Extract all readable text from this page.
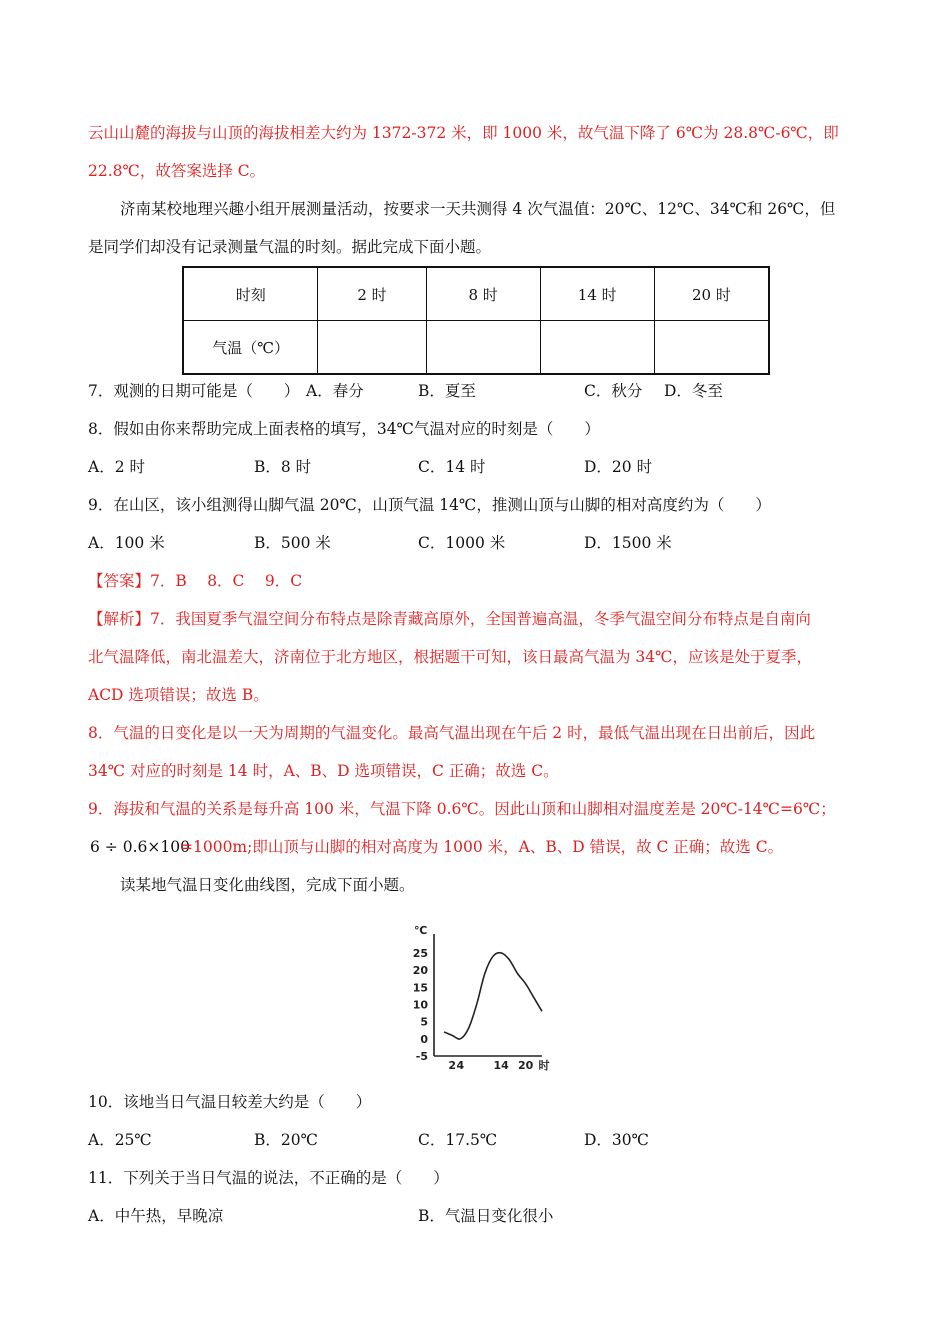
云山山麓的海拔与山顶的海拔相差大约为 1372-372 米，即 1000 米，故气温下降了 6℃为 28.8℃-6℃，即
22.8℃，故答案选择 C。
济南某校地理兴趣小组开展测量活动，按要求一天共测得 4 次气温值：20℃、12℃、34℃和 26℃，但
是同学们却没有记录测量气温的时刻。据此完成下面小题。
时刻	2 时	8 时	14 时	20 时
气温（℃）				
7．观测的日期可能是（　　） A．春分	B．夏至	C．秋分 D．冬至
8．假如由你来帮助完成上面表格的填写，34℃气温对应的时刻是（　　）
A．2 时	B．8 时	C．14 时	D．20 时
9．在山区，该小组测得山脚气温 20℃，山顶气温 14℃，推测山顶与山脚的相对高度约为（　　）
A．100 米	B．500 米	C．1000 米	D．1500 米
【答案】7．B　 8．C　 9．C
【解析】7．我国夏季气温空间分布特点是除青藏高原外，全国普遍高温，冬季气温空间分布特点是自南向
北气温降低，南北温差大，济南位于北方地区，根据题干可知，该日最高气温为 34℃，应该是处于夏季，
ACD 选项错误；故选 B。
8．气温的日变化是以一天为周期的气温变化。最高气温出现在午后 2 时，最低气温出现在日出前后，因此
34℃ 对应的时刻是 14 时，A、B、D 选项错误，C 正确；故选 C。
9．海拔和气温的关系是每升高 100 米，气温下降 0.6℃。因此山顶和山脚相对温度差是 20℃-14℃=6℃；
6 ÷ 0.6×100
=1000m;即山顶与山脚的相对高度为 1000 米，A、B、D 错误，故 C 正确；故选 C。
读某地气温日变化曲线图，完成下面小题。
℃
25
20
15
10
5
0
-5
2 4	14 20 时
10．该地当日气温日较差大约是（　　）
A．25℃	B．20℃	C．17.5℃	D．30℃
11．下列关于当日气温的说法，不正确的是（　　）
A．中午热，早晚凉	B．气温日变化很小
